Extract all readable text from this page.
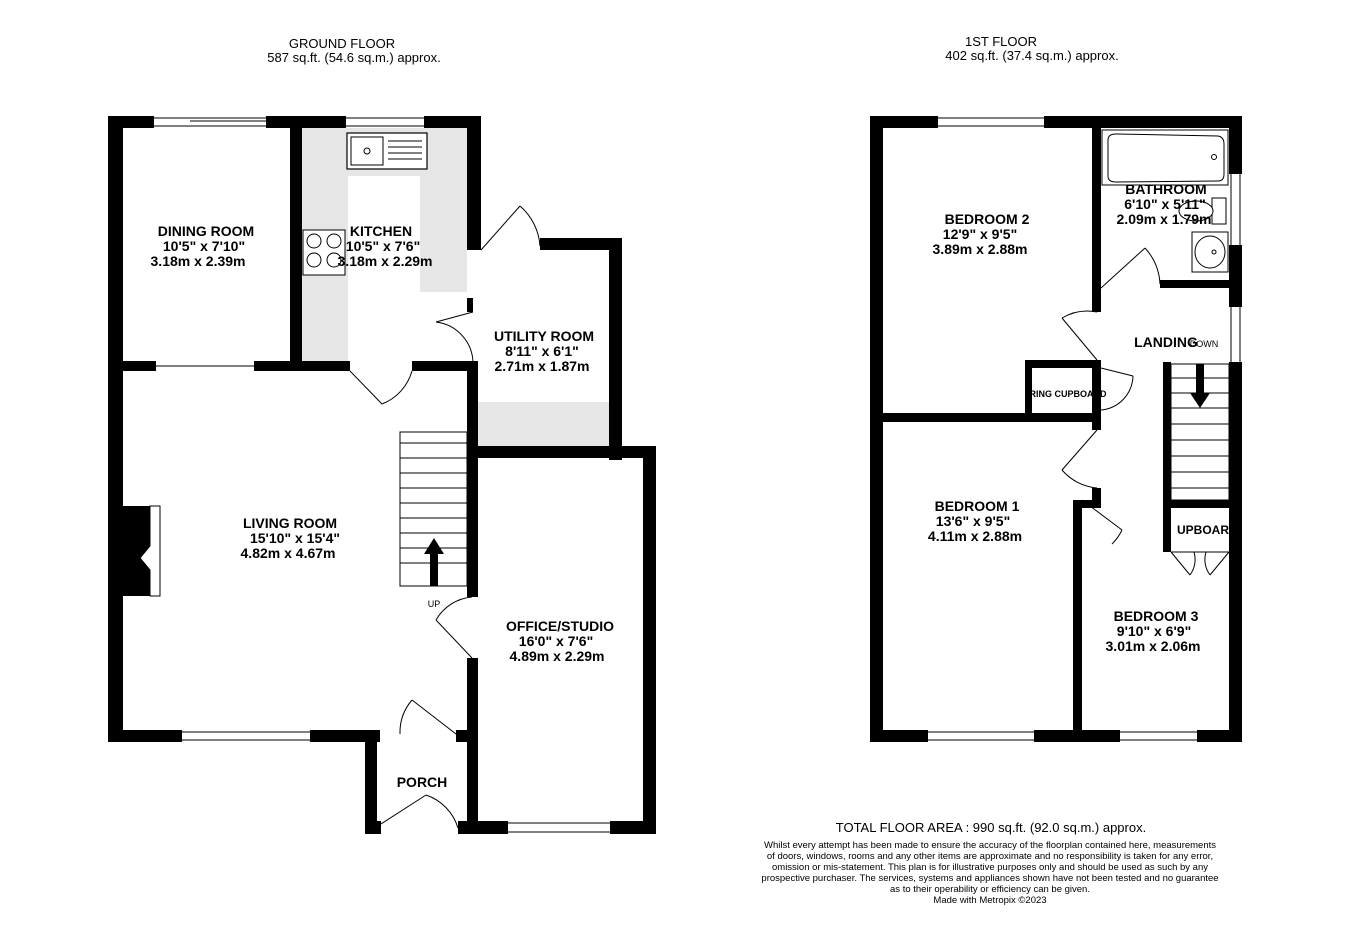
GROUND FLOOR
587 sq.ft. (54.6 sq.m.) approx.
UP
DINING ROOM
10'5" x 7'10"
3.18m x 2.39m
KITCHEN
10'5" x 7'6"
3.18m x 2.29m
UTILITY ROOM
8'11" x 6'1"
2.71m x 1.87m
LIVING ROOM
15'10" x 15'4"
4.82m x 4.67m
OFFICE/STUDIO
16'0" x 7'6"
4.89m x 2.29m
PORCH
1ST FLOOR
402 sq.ft. (37.4 sq.m.) approx.
BEDROOM 2
12'9" x 9'5"
3.89m x 2.88m
BATHROOM
6'10" x 5'11"
2.09m x 1.79m
LANDING
DOWN
RING CUPBOARD
BEDROOM 1
13'6" x 9'5"
4.11m x 2.88m	UPBOAR
BEDROOM 3
9'10" x 6'9"
3.01m x 2.06m
TOTAL FLOOR AREA : 990 sq.ft. (92.0 sq.m.) approx.
Whilst every attempt has been made to ensure the accuracy of the floorplan contained here, measurements
of doors, windows, rooms and any other items are approximate and no responsibility is taken for any error,
omission or mis-statement. This plan is for illustrative purposes only and should be used as such by any
prospective purchaser. The services, systems and appliances shown have not been tested and no guarantee
as to their operability or efficiency can be given.
Made with Metropix ©2023
